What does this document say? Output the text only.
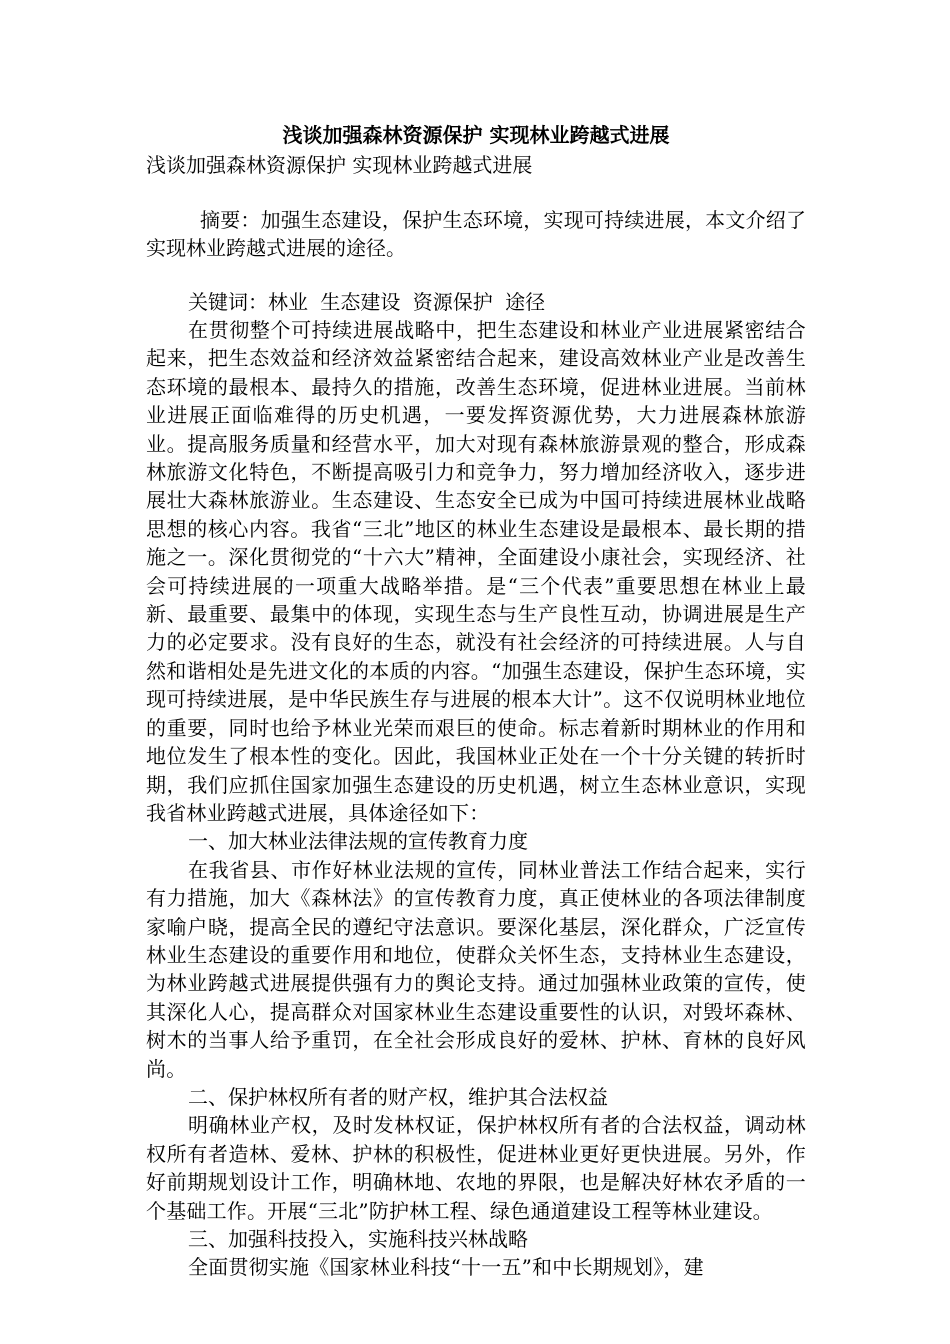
浅谈加强森林资源保护 实现林业跨越式进展

浅谈加强森林资源保护 实现林业跨越式进展

摘要：加强生态建设，保护生态环境，实现可持续进展，本文介绍了实现林业跨越式进展的途径。

关键词：林业 生态建设 资源保护 途径

在贯彻整个可持续进展战略中，把生态建设和林业产业进展紧密结合起来，把生态效益和经济效益紧密结合起来，建设高效林业产业是改善生态环境的最根本、最持久的措施，改善生态环境，促进林业进展。当前林业进展正面临难得的历史机遇，一要发挥资源优势，大力进展森林旅游业。提高服务质量和经营水平，加大对现有森林旅游景观的整合，形成森林旅游文化特色，不断提高吸引力和竞争力，努力增加经济收入，逐步进展壮大森林旅游业。生态建设、生态安全已成为中国可持续进展林业战略思想的核心内容。我省“三北”地区的林业生态建设是最根本、最长期的措施之一。深化贯彻党的“十六大”精神，全面建设小康社会，实现经济、社会可持续进展的一项重大战略举措。是“三个代表”重要思想在林业上最新、最重要、最集中的体现，实现生态与生产良性互动，协调进展是生产力的必定要求。没有良好的生态，就没有社会经济的可持续进展。人与自然和谐相处是先进文化的本质的内容。“加强生态建设，保护生态环境，实现可持续进展，是中华民族生存与进展的根本大计”。这不仅说明林业地位的重要，同时也给予林业光荣而艰巨的使命。标志着新时期林业的作用和地位发生了根本性的变化。因此，我国林业正处在一个十分关键的转折时期，我们应抓住国家加强生态建设的历史机遇，树立生态林业意识，实现我省林业跨越式进展，具体途径如下：

一、加大林业法律法规的宣传教育力度

在我省县、市作好林业法规的宣传，同林业普法工作结合起来，实行有力措施，加大《森林法》的宣传教育力度，真正使林业的各项法律制度家喻户晓，提高全民的遵纪守法意识。要深化基层，深化群众，广泛宣传林业生态建设的重要作用和地位，使群众关怀生态，支持林业生态建设，为林业跨越式进展提供强有力的舆论支持。通过加强林业政策的宣传，使其深化人心，提高群众对国家林业生态建设重要性的认识，对毁坏森林、树木的当事人给予重罚，在全社会形成良好的爱林、护林、育林的良好风尚。

二、保护林权所有者的财产权，维护其合法权益

明确林业产权，及时发林权证，保护林权所有者的合法权益，调动林权所有者造林、爱林、护林的积极性，促进林业更好更快进展。另外，作好前期规划设计工作，明确林地、农地的界限，也是解决好林农矛盾的一个基础工作。开展“三北”防护林工程、绿色通道建设工程等林业建设。

三、加强科技投入，实施科技兴林战略

全面贯彻实施《国家林业科技“十一五”和中长期规划》，建
